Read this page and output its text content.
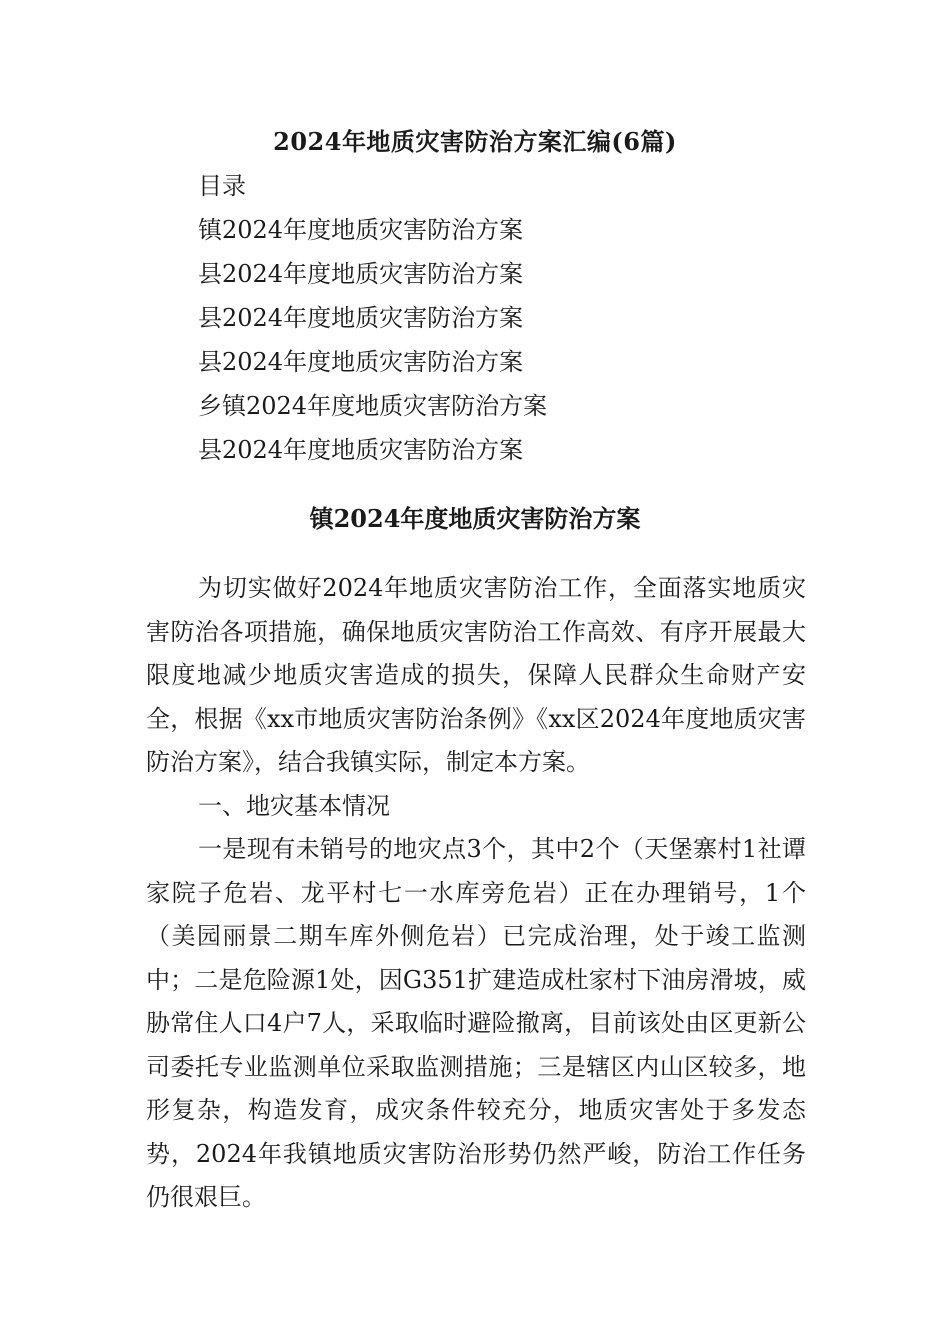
2024年地质灾害防治方案汇编(6篇)
目录
镇2024年度地质灾害防治方案
县2024年度地质灾害防治方案
县2024年度地质灾害防治方案
县2024年度地质灾害防治方案
乡镇2024年度地质灾害防治方案
县2024年度地质灾害防治方案
镇2024年度地质灾害防治方案

为切实做好2024年地质灾害防治工作，全面落实地质灾害防治各项措施，确保地质灾害防治工作高效、有序开展最大限度地减少地质灾害造成的损失，保障人民群众生命财产安全，根据《xx市地质灾害防治条例》《xx区2024年度地质灾害防治方案》，结合我镇实际，制定本方案。

一、地灾基本情况

一是现有未销号的地灾点3个，其中2个（天堡寨村1社谭家院子危岩、龙平村七一水库旁危岩）正在办理销号，1个（美园丽景二期车库外侧危岩）已完成治理，处于竣工监测中；二是危险源1处，因G351扩建造成杜家村下油房滑坡，威胁常住人口4户7人，采取临时避险撤离，目前该处由区更新公司委托专业监测单位采取监测措施；三是辖区内山区较多，地形复杂，构造发育，成灾条件较充分，地质灾害处于多发态势，2024年我镇地质灾害防治形势仍然严峻，防治工作任务仍很艰巨。
